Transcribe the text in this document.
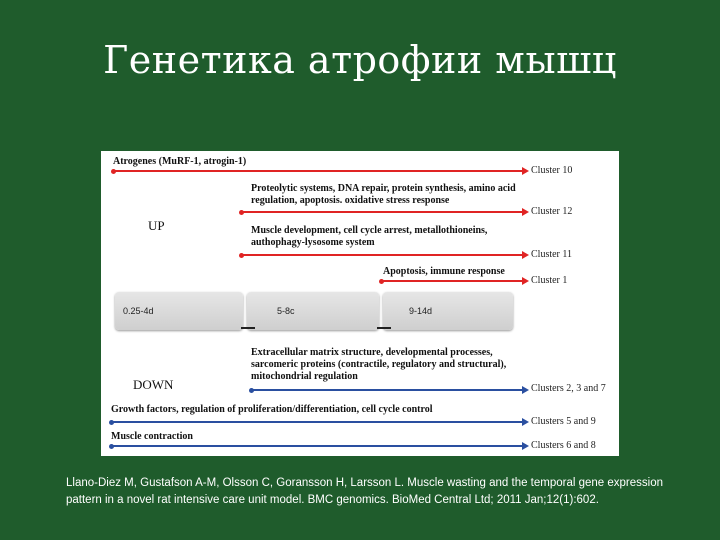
Генетика атрофии мышц
Atrogenes (MuRF-1, atrogin-1)
Cluster 10
Proteolytic systems, DNA repair, protein synthesis, amino acid regulation, apoptosis. oxidative stress response
Cluster 12
UP	Muscle development, cell cycle arrest, metallothioneins, authophagy-lysosome system
Cluster 11
Apoptosis, immune response
Cluster 1
0.25-4d	5-8c	9-14d
Extracellular matrix structure, developmental processes, sarcomeric proteins (contractile, regulatory and structural), mitochondrial regulation
Clusters 2, 3 and 7
DOWN
Growth factors, regulation of proliferation/differentiation, cell cycle control
Clusters 5 and 9
Muscle contraction
Clusters 6 and 8
Llano-Diez M, Gustafson A-M, Olsson C, Goransson H, Larsson L. Muscle wasting and the temporal gene expression pattern in a novel rat intensive care unit model. BMC genomics. BioMed Central Ltd; 2011 Jan;12(1):602.
